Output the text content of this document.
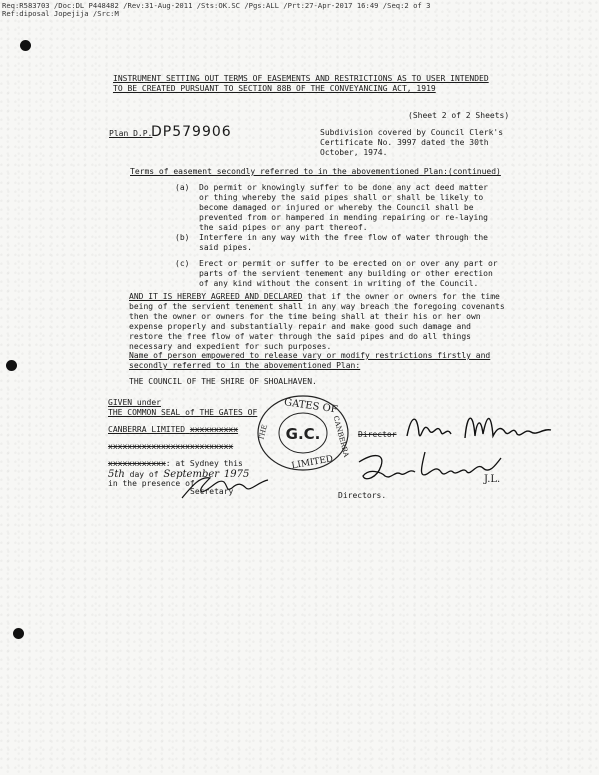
Req:R583703 /Doc:DL P448482 /Rev:31-Aug-2011 /Sts:OK.SC /Pgs:ALL /Prt:27-Apr-2017 16:49 /Seq:2 of 3
Ref:diposal Jopejija /Src:M
INSTRUMENT SETTING OUT TERMS OF EASEMENTS AND RESTRICTIONS AS TO USER INTENDED
TO BE CREATED PURSUANT TO SECTION 88B OF THE CONVEYANCING ACT, 1919
(Sheet 2 of 2 Sheets)
Plan D.P.
DP579906	Subdivision covered by Council Clerk's
Certificate No. 3997 dated the 30th
October, 1974.
Terms of easement secondly referred to in the abovementioned Plan:(continued)
(a) Do permit or knowingly suffer to be done any act deed matter
or thing whereby the said pipes shall or shall be likely to
become damaged or injured or whereby the Council shall be
prevented from or hampered in mending repairing or re-laying
the said pipes or any part thereof.
(b) Interfere in any way with the free flow of water through the
said pipes.
(c) Erect or permit or suffer to be erected on or over any part or
parts of the servient tenement any building or other erection
of any kind without the consent in writing of the Council.
AND IT IS HEREBY AGREED AND DECLARED that if the owner or owners for the time
being of the servient tenement shall in any way breach the foregoing covenants
then the owner or owners for the time being shall at their his or her own
expense properly and substantially repair and make good such damage and
restore the free flow of water through the said pipes and do all things
necessary and expedient for such purposes.
Name of person empowered to release vary or modify restrictions firstly and
secondly referred to in the abovementioned Plan:
THE COUNCIL OF THE SHIRE OF SHOALHAVEN.
GIVEN under
THE COMMON SEAL of THE GATES OF
CANBERRA LIMITED xxxxxxxxxx
xxxxxxxxxxxxxxxxxxxxxxxxxx
xxxxxxxxxxxx: at Sydney this
5th day of September 1975
in the presence of
Secretary
Director
Directors.
J.L.
G.C.
GATES OF
CANBERRA
LIMITED
THE
